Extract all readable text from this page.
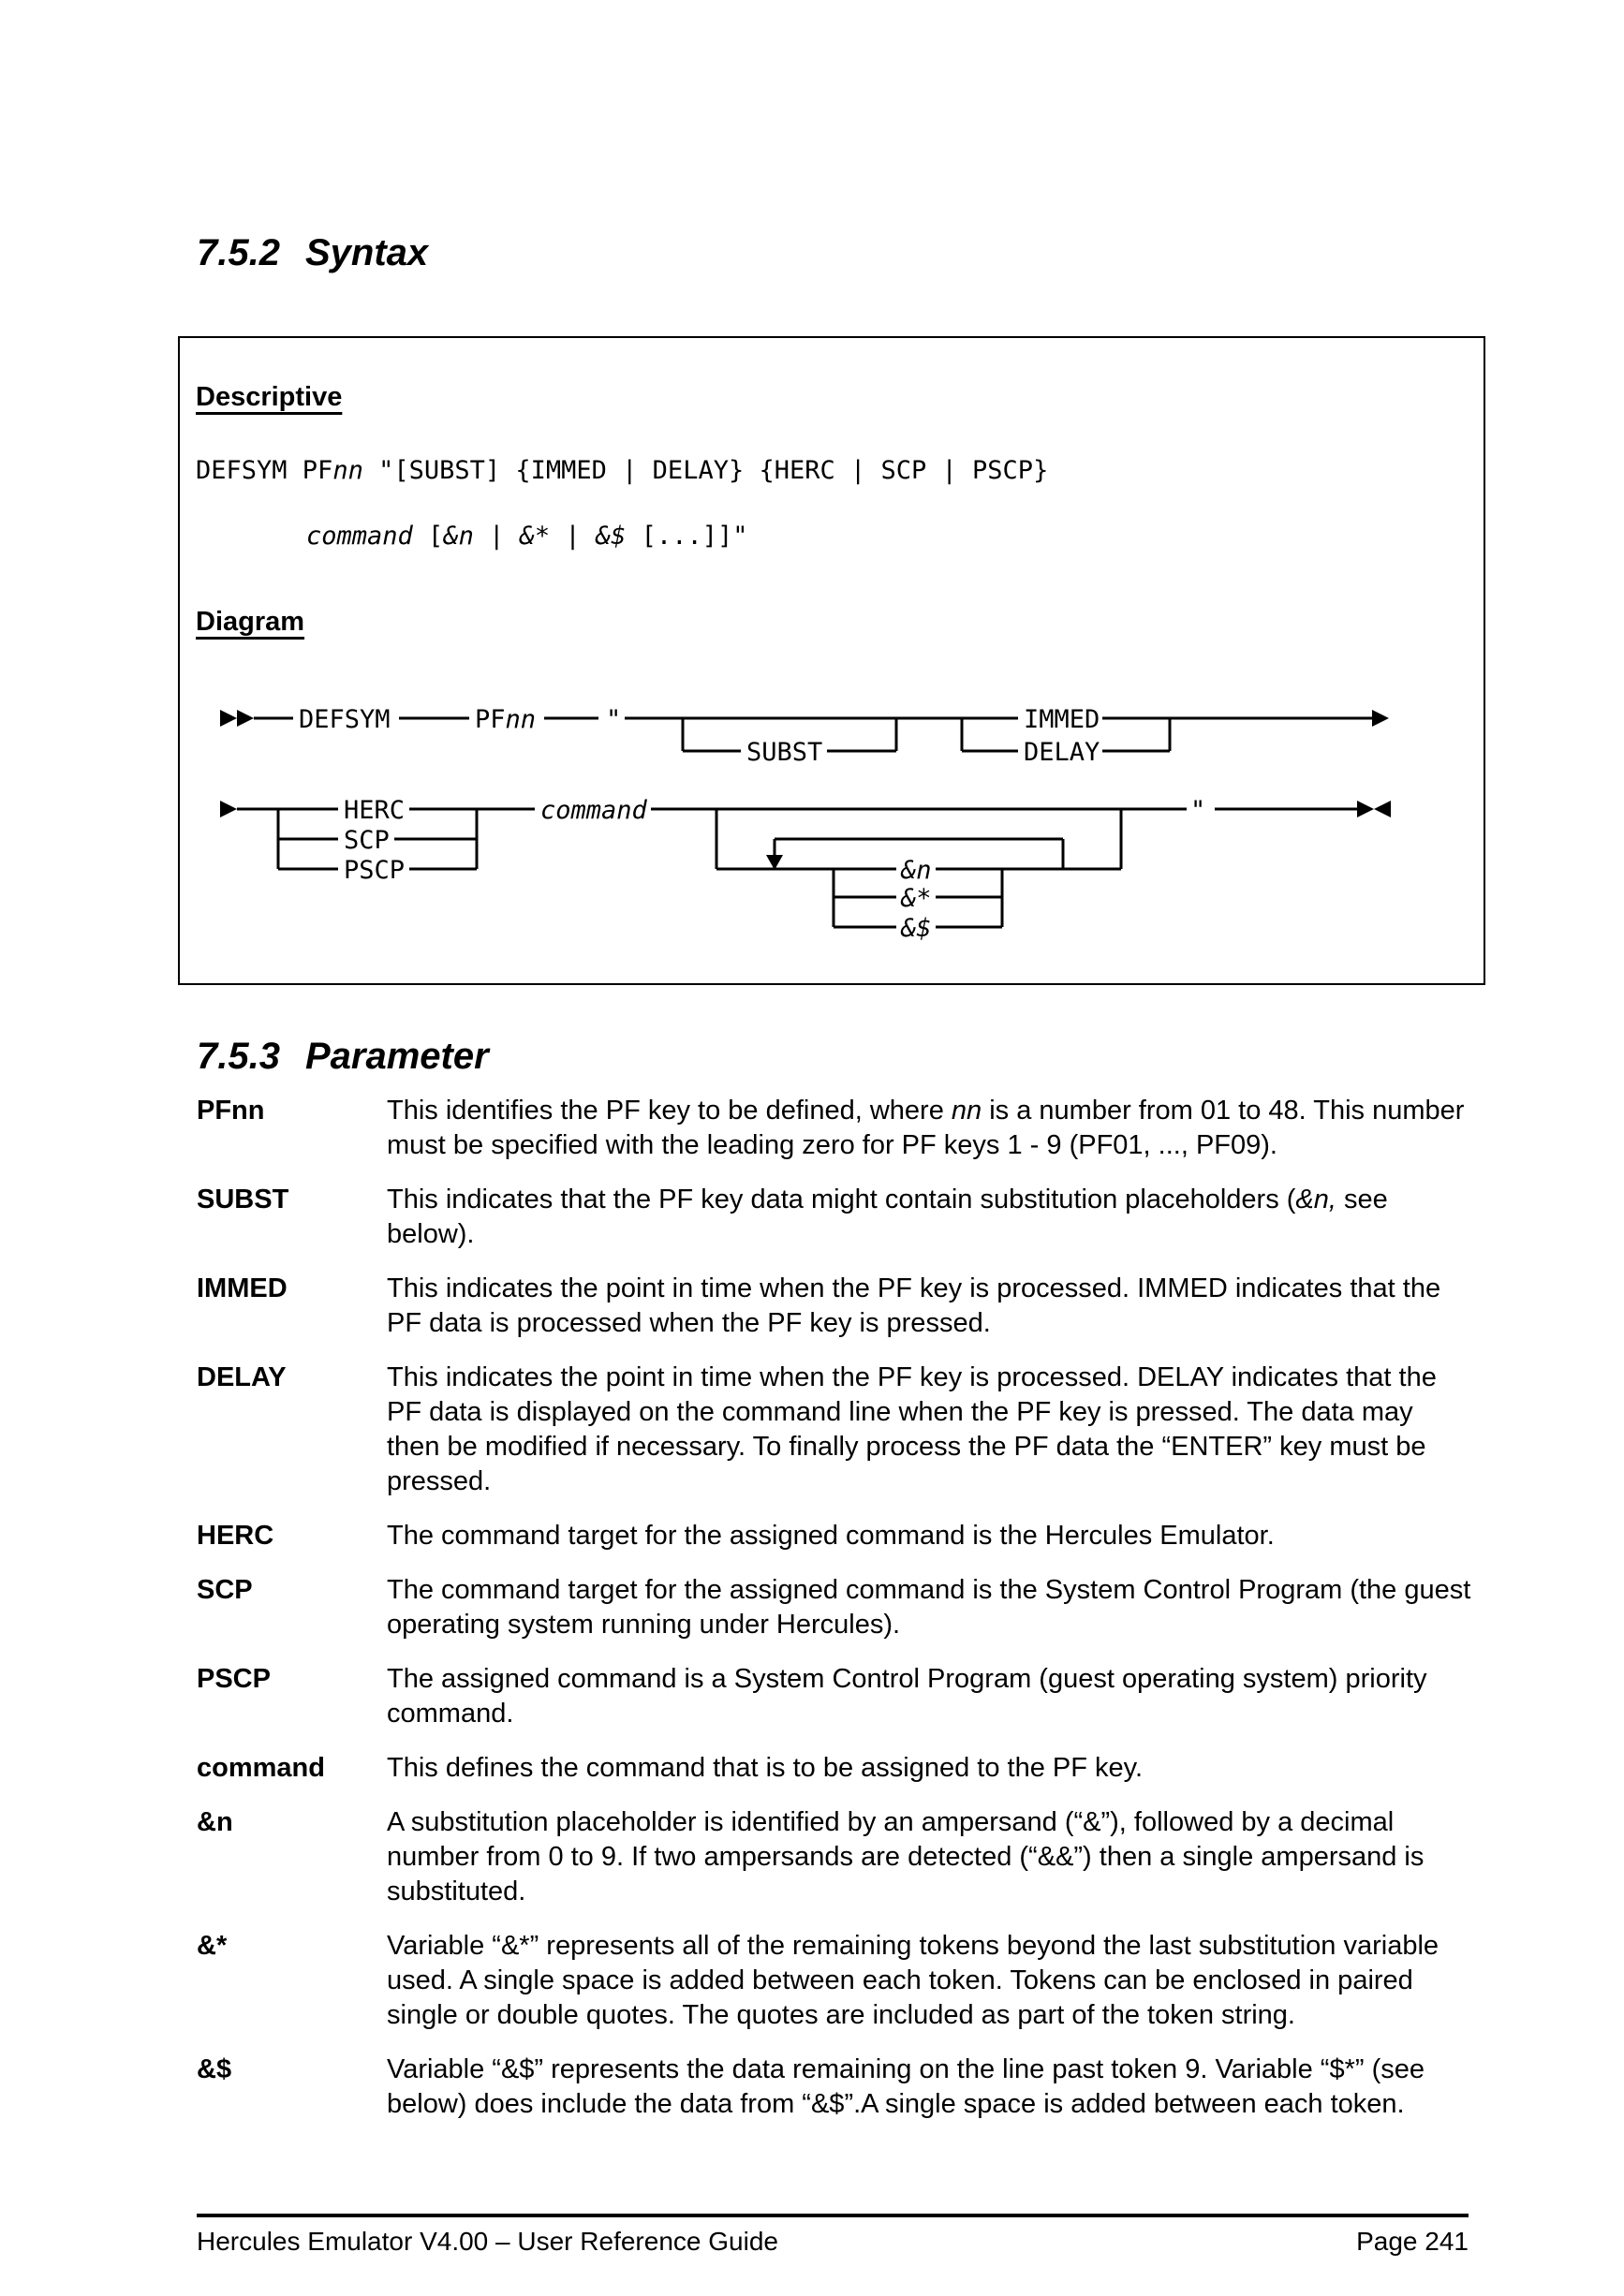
7.5.2 Syntax
Descriptive
DEFSYM PFnn "[SUBST] {IMMED | DELAY} {HERC | SCP | PSCP}
command [&n | &* | &$ [...]]"
Diagram
DEFSYM	PFnn	"
SUBST
IMMED
DELAY
HERC
SCP
PSCP
command
&n
&*
&$
"
7.5.3 Parameter
PFnn	This identifies the PF key to be defined, where nn is a number from 01 to 48. This number must be specified with the leading zero for PF keys 1 - 9 (PF01, ..., PF09).
SUBST	This indicates that the PF key data might contain substitution placeholders (&n, see below).
IMMED	This indicates the point in time when the PF key is processed. IMMED indicates that the PF data is processed when the PF key is pressed.
DELAY	This indicates the point in time when the PF key is processed. DELAY indicates that the PF data is displayed on the command line when the PF key is pressed. The data may then be modified if necessary. To finally process the PF data the “ENTER” key must be pressed.
HERC	The command target for the assigned command is the Hercules Emulator.
SCP	The command target for the assigned command is the System Control Program (the guest operating system running under Hercules).
PSCP	The assigned command is a System Control Program (guest operating system) priority command.
command	This defines the command that is to be assigned to the PF key.
&n	A substitution placeholder is identified by an ampersand (“&”), followed by a decimal number from 0 to 9. If two ampersands are detected (“&&”) then a single ampersand is substituted.
&*	Variable “&*” represents all of the remaining tokens beyond the last substitution variable used. A single space is added between each token. Tokens can be enclosed in paired single or double quotes. The quotes are included as part of the token string.
&$	Variable “&$” represents the data remaining on the line past token 9. Variable “$*” (see below) does include the data from “&$”.A single space is added between each token.
Hercules Emulator V4.00 – User Reference Guide	Page 241
